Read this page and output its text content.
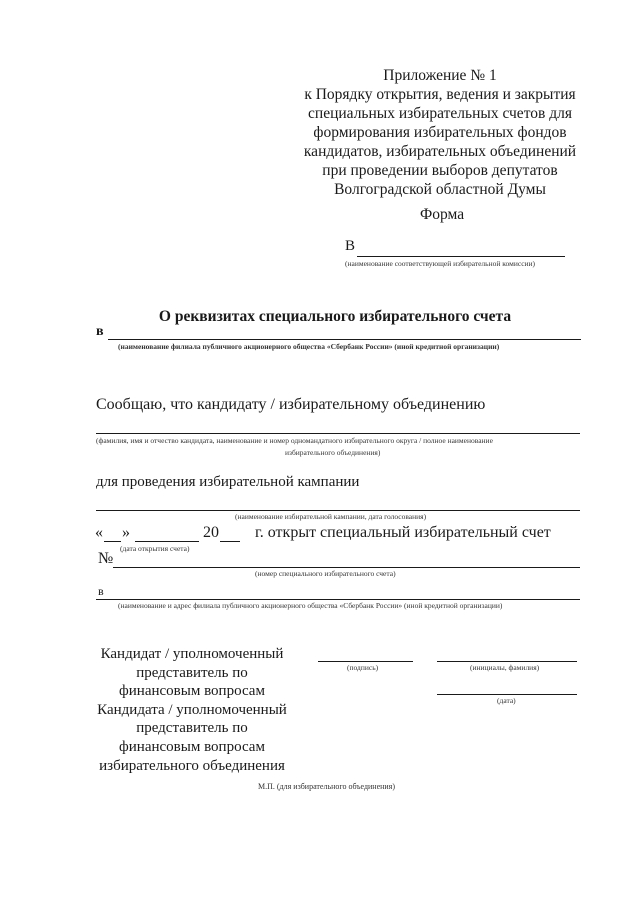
Приложение № 1
к Порядку открытия, ведения и закрытия
специальных избирательных счетов для
формирования избирательных фондов
кандидатов, избирательных объединений
при проведении выборов депутатов
Волгоградской областной Думы
Форма
В
(наименование соответствующей избирательной комиссии)
О реквизитах специального избирательного счета
в
(наименование филиала публичного акционерного общества «Сбербанк России» (иной кредитной организации)
Сообщаю, что кандидату / избирательному объединению
(фамилия, имя и отчество кандидата, наименование и номер одномандатного избирательного округа / полное наименование
избирательного объединения)
для проведения избирательной кампании
(наименование избирательной кампании, дата голосования)
« »	20 г. открыт специальный избирательный счет
(дата открытия счета)
№
(номер специального избирательного счета)
в
(наименование и адрес филиала публичного акционерного общества «Сбербанк России» (иной кредитной организации)
Кандидат / уполномоченный
представитель по
финансовым вопросам
Кандидата / уполномоченный
представитель по
финансовым вопросам
избирательного объединения
(подпись)	(инициалы, фамилия)
(дата)
М.П. (для избирательного объединения)
